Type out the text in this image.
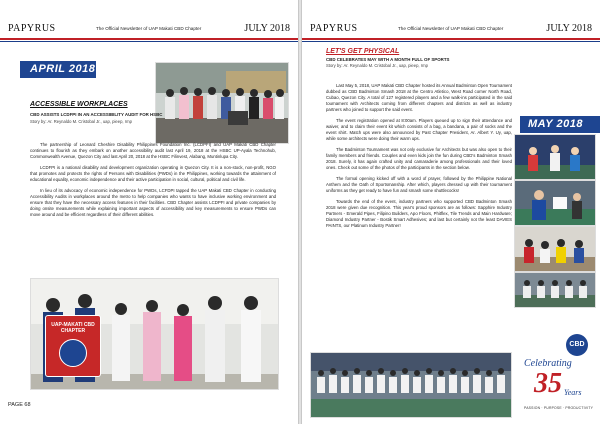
PAPYRUS	The Official Newsletter of UAP Makati CBD Chapter	JULY 2018
APRIL 2018
ACCESSIBLE WORKPLACES
CBD ASSISTS LCDFPI IN AN ACCESSIBILITY AUDIT FOR HSBC
Story by: Ar. Reynaldo M. Cristobal Jr., uap, pieep, rmp

The partnership of Leonard Cheshire Disability Philippines Foundation Inc. (LCDPFI) and UAP Makati CBD Chapter continues to flourish as they embark on another accessibility audit last April 19, 2018 at the HSBC UP-Ayala Technohub, Commonwealth Avenue, Quezon City and last April 20, 2018 at the HSBC Filinvest, Alabang, Muntinlupa City.

LCDFPI is a national disability and development organization operating in Quezon City. It is a non-stock, non-profit, NGO that promotes and protects the rights of Persons with Disabilities (PWDs) in the Philippines, working towards the attainment of educational equality, economic independence and their active participation in social, cultural, political and civil life.

In lieu of its advocacy of economic independence for PWDs, LCFDPI tapped the UAP Makati CBD Chapter in conducting Accessibility Audits in workplaces around the metro to help companies who wants to have inclusive working environment and ensure that they have the necessary access features in their facilities. CBD Chapter assists LCDPFI and private companies by doing onsite measurements while explaining important aspects of accessibility and key measurements to ensure PWDs can move around and be efficient regardless of their different abilities.

UAP-MAKATI CBD
CHAPTER
PAGE 68
PAPYRUS	The Official Newsletter of UAP Makati CBD Chapter	JULY 2018
LET'S GET PHYSICAL
CBD CELEBRATES MAY WITH A MONTH FULL OF SPORTS
Story by: Ar. Reynaldo M. Cristobal Jr., uap, pieep, rmp

Last May 5, 2018, UAP Makati CBD Chapter hosted its Annual Badminton Open Tournament dubbed as CBD Badminton Smash 2018 at the Centro Atletico, West Road corner North Road, Cubao, Quezon City. A total of 127 registered players and a few walk-ins participated in the said tournament with Architects coming from different chapters and districts as well as industry partners who joined to support the said event.

The event registration opened at 8:00am. Players queued up to sign their attendance and waiver, and to claim their event kit which consists of a bag, a bandana, a pair of socks and the event shirt. Match ups were also announced by Past Chapter President, Ar. Albert Y. Uy, uap, while some architects were doing their warm ups.

The Badminton Tournament was not only exclusive for Architects but was also open to their family members and friends. Couples and even kids join the fun during CBD's Badminton Smash 2018. Surely, it has again crafted unity and camaraderie among professionals and their loved ones. Check out some of the photos of the participants in the section below.

The formal opening kicked off with a word of prayer, followed by the Philippine National Anthem and the Oath of Sportsmanship. After which, players dressed up with their tournament uniforms as they get ready to have fun and smash some shuttlecocks!

Towards the end of the event, industry partners who supported CBD Badminton Smash 2018 were given due recognition. This year's proud sponsors are as follows: Sapphire Industry Partners - Emerald Pipes, Filipino Builders, Apo Floors, Phitflex, Tile Trends and Main Hardware; Diamond Industry Partner - Bostik Smart Adhesives; and last but certainly not the least DAVIES PAINTS, our Platinum Industry Partner!

MAY 2018
CBD
Celebrating
35 Years
PASSION · PURPOSE · PRODUCTIVITY
